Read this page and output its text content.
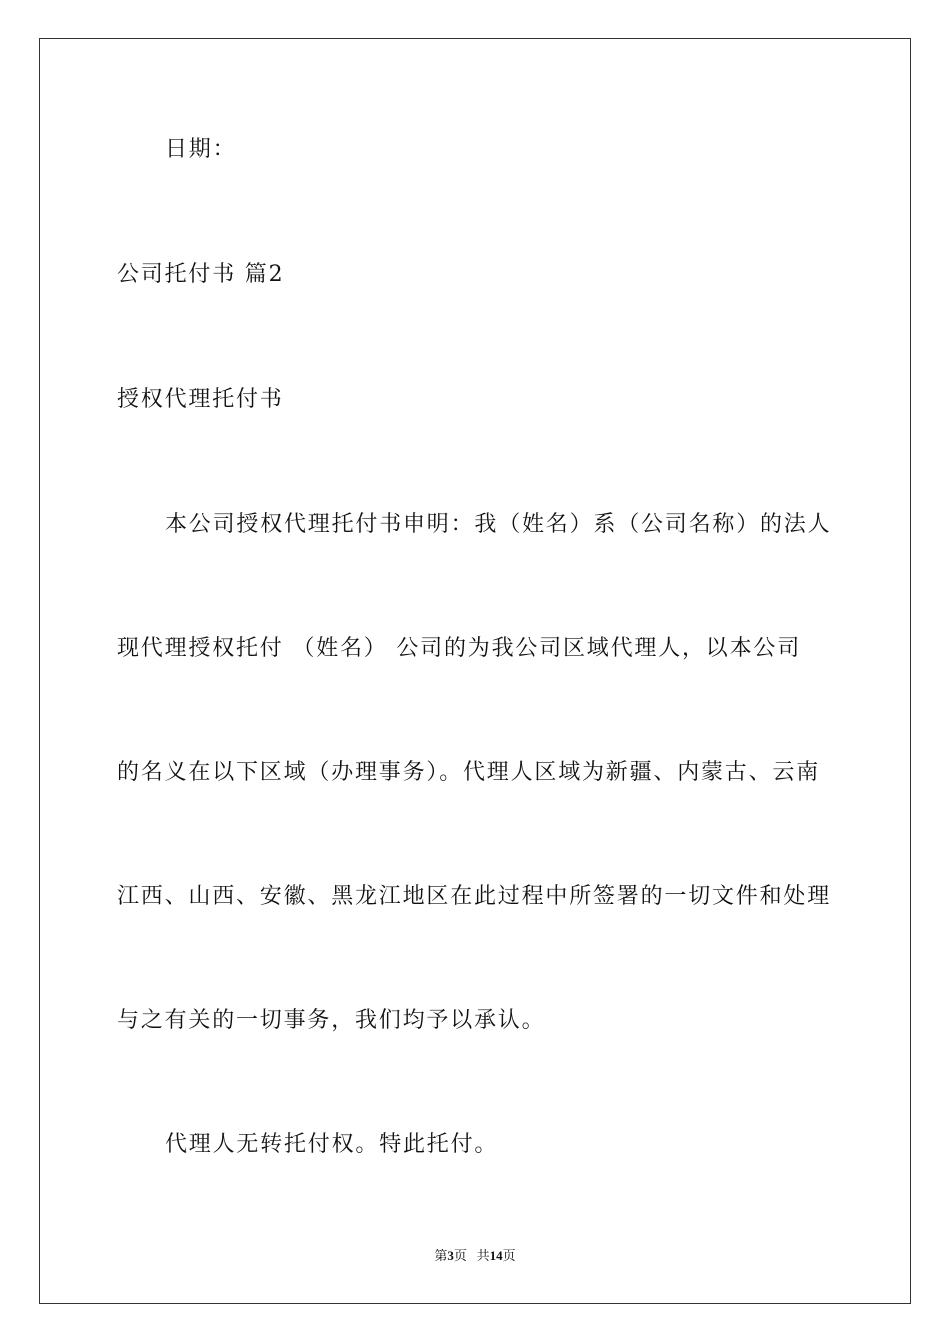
日期：
公司托付书 篇2
授权代理托付书
本公司授权代理托付书申明：我（姓名）系（公司名称）的法人
现代理授权托付 （姓名） 公司的为我公司区域代理人，以本公司
的名义在以下区域（办理事务）。代理人区域为新疆、内蒙古、云南
江西、山西、安徽、黑龙江地区在此过程中所签署的一切文件和处理
与之有关的一切事务，我们均予以承认。
代理人无转托付权。特此托付。
第3页 共14页
